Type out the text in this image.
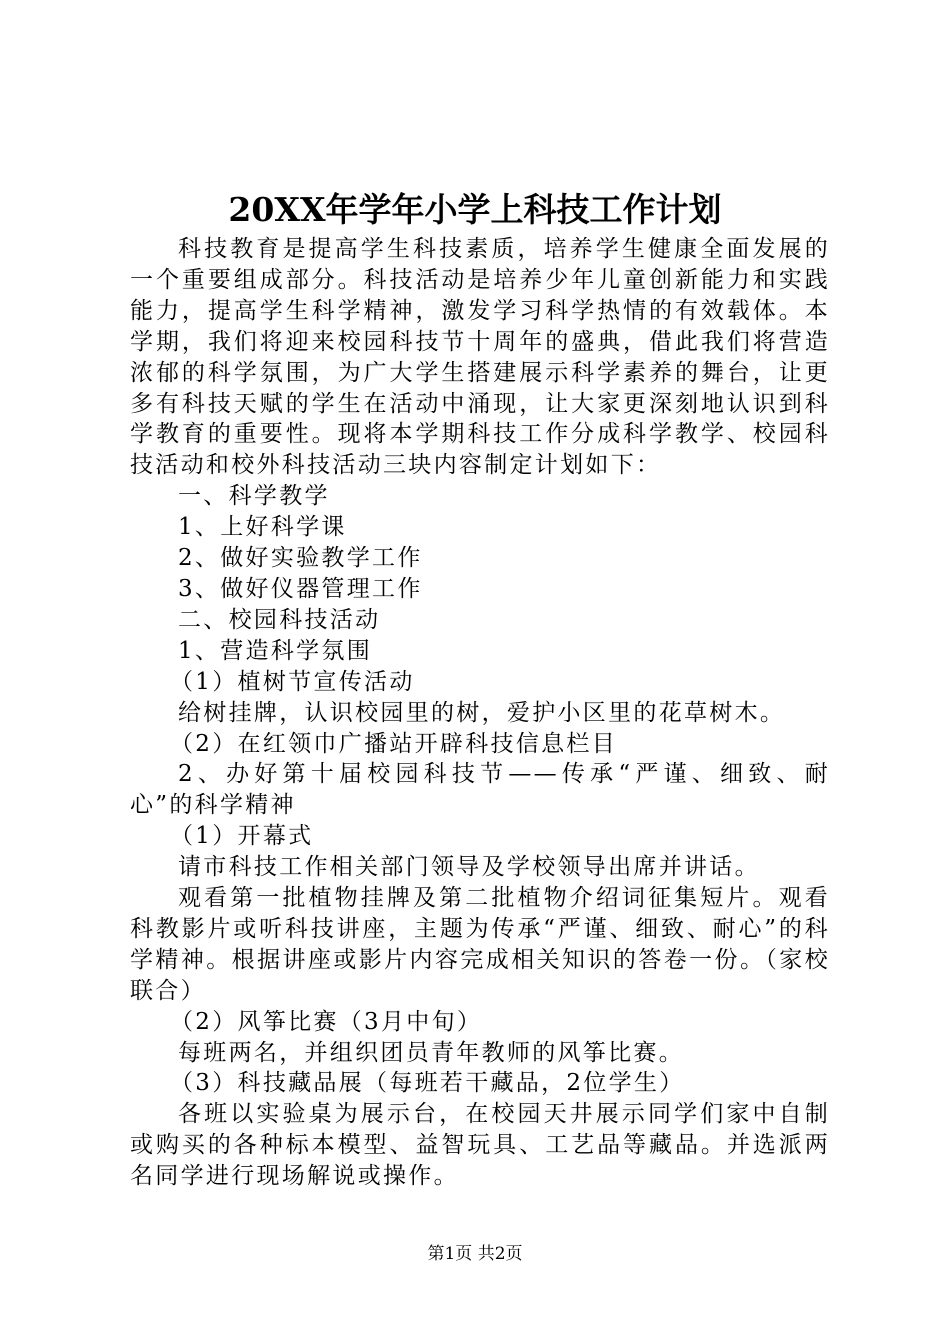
20XX年学年小学上科技工作计划

科技教育是提高学生科技素质，培养学生健康全面发展的一个重要组成部分。科技活动是培养少年儿童创新能力和实践能力，提高学生科学精神，激发学习科学热情的有效载体。本学期，我们将迎来校园科技节十周年的盛典，借此我们将营造浓郁的科学氛围，为广大学生搭建展示科学素养的舞台，让更多有科技天赋的学生在活动中涌现，让大家更深刻地认识到科学教育的重要性。现将本学期科技工作分成科学教学、校园科技活动和校外科技活动三块内容制定计划如下：

一、科学教学

1、上好科学课

2、做好实验教学工作

3、做好仪器管理工作

二、校园科技活动

1、营造科学氛围

（1）植树节宣传活动

给树挂牌，认识校园里的树，爱护小区里的花草树木。

（2）在红领巾广播站开辟科技信息栏目

2、办好第十届校园科技节——传承“严谨、细致、耐心”的科学精神

（1）开幕式

请市科技工作相关部门领导及学校领导出席并讲话。

观看第一批植物挂牌及第二批植物介绍词征集短片。观看科教影片或听科技讲座，主题为传承“严谨、细致、耐心”的科学精神。根据讲座或影片内容完成相关知识的答卷一份。（家校联合）

（2）风筝比赛（3月中旬）

每班两名，并组织团员青年教师的风筝比赛。

（3）科技藏品展（每班若干藏品，2位学生）

各班以实验桌为展示台，在校园天井展示同学们家中自制或购买的各种标本模型、益智玩具、工艺品等藏品。并选派两名同学进行现场解说或操作。

第1页 共2页
